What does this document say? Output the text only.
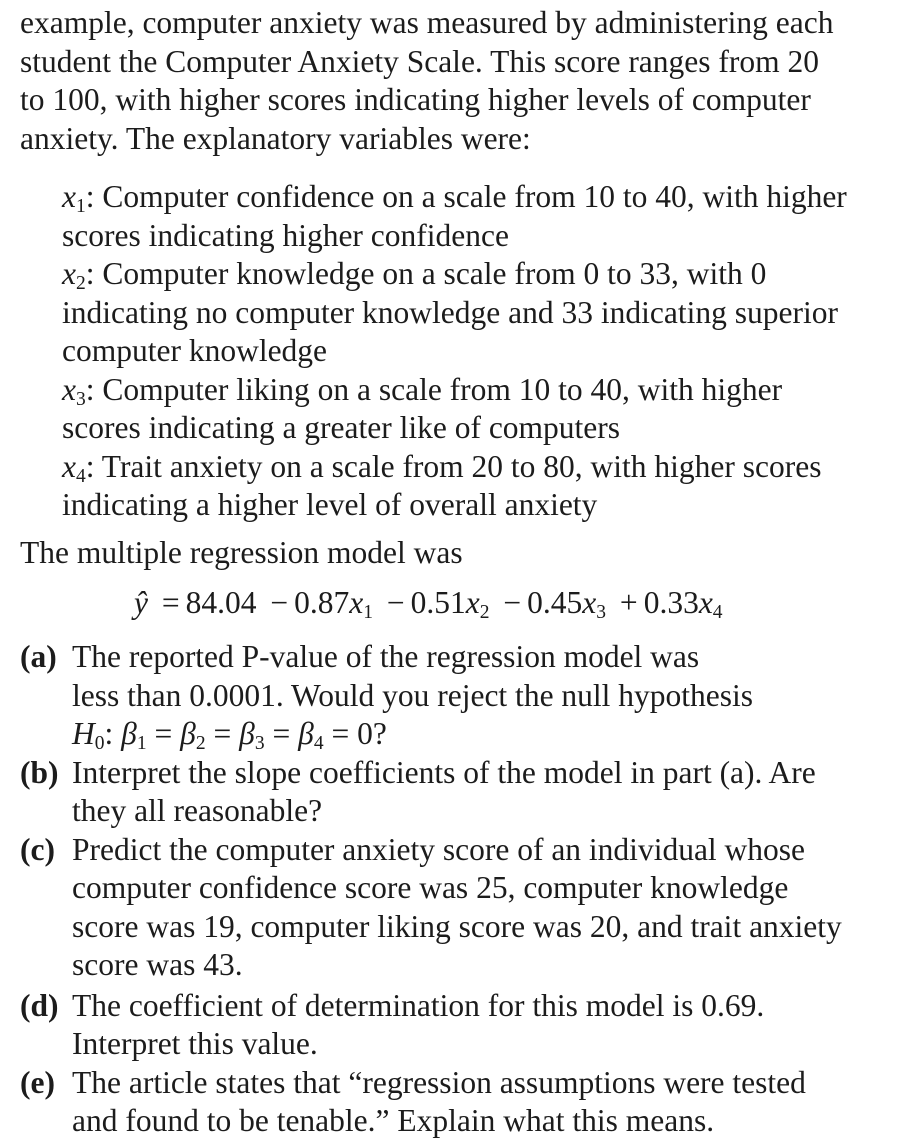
example, computer anxiety was measured by administering each
student the Computer Anxiety Scale. This score ranges from 20
to 100, with higher scores indicating higher levels of computer
anxiety. The explanatory variables were:
$x_1$: Computer confidence on a scale from 10 to 40, with higher
scores indicating higher confidence
$x_2$: Computer knowledge on a scale from 0 to 33, with 0
indicating no computer knowledge and 33 indicating superior
computer knowledge
$x_3$: Computer liking on a scale from 10 to 40, with higher
scores indicating a greater like of computers
$x_4$: Trait anxiety on a scale from 20 to 80, with higher scores
indicating a higher level of overall anxiety
The multiple regression model was
ŷ = $84.04 - 0.87x_1 - 0.51x_2 - 0.45x_3 + 0.33x_4$
(a) The reported P-value of the regression model was
less than 0.0001. Would you reject the null hypothesis
$H_0$: $\beta_1 = \beta_2 = \beta_3 = \beta_4 = 0$?
(b) Interpret the slope coefficients of the model in part (a). Are
they all reasonable?
(c) Predict the computer anxiety score of an individual whose
computer confidence score was 25, computer knowledge
score was 19, computer liking score was 20, and trait anxiety
score was 43.
(d) The coefficient of determination for this model is 0.69.
Interpret this value.
(e) The article states that “regression assumptions were tested
and found to be tenable.” Explain what this means.
